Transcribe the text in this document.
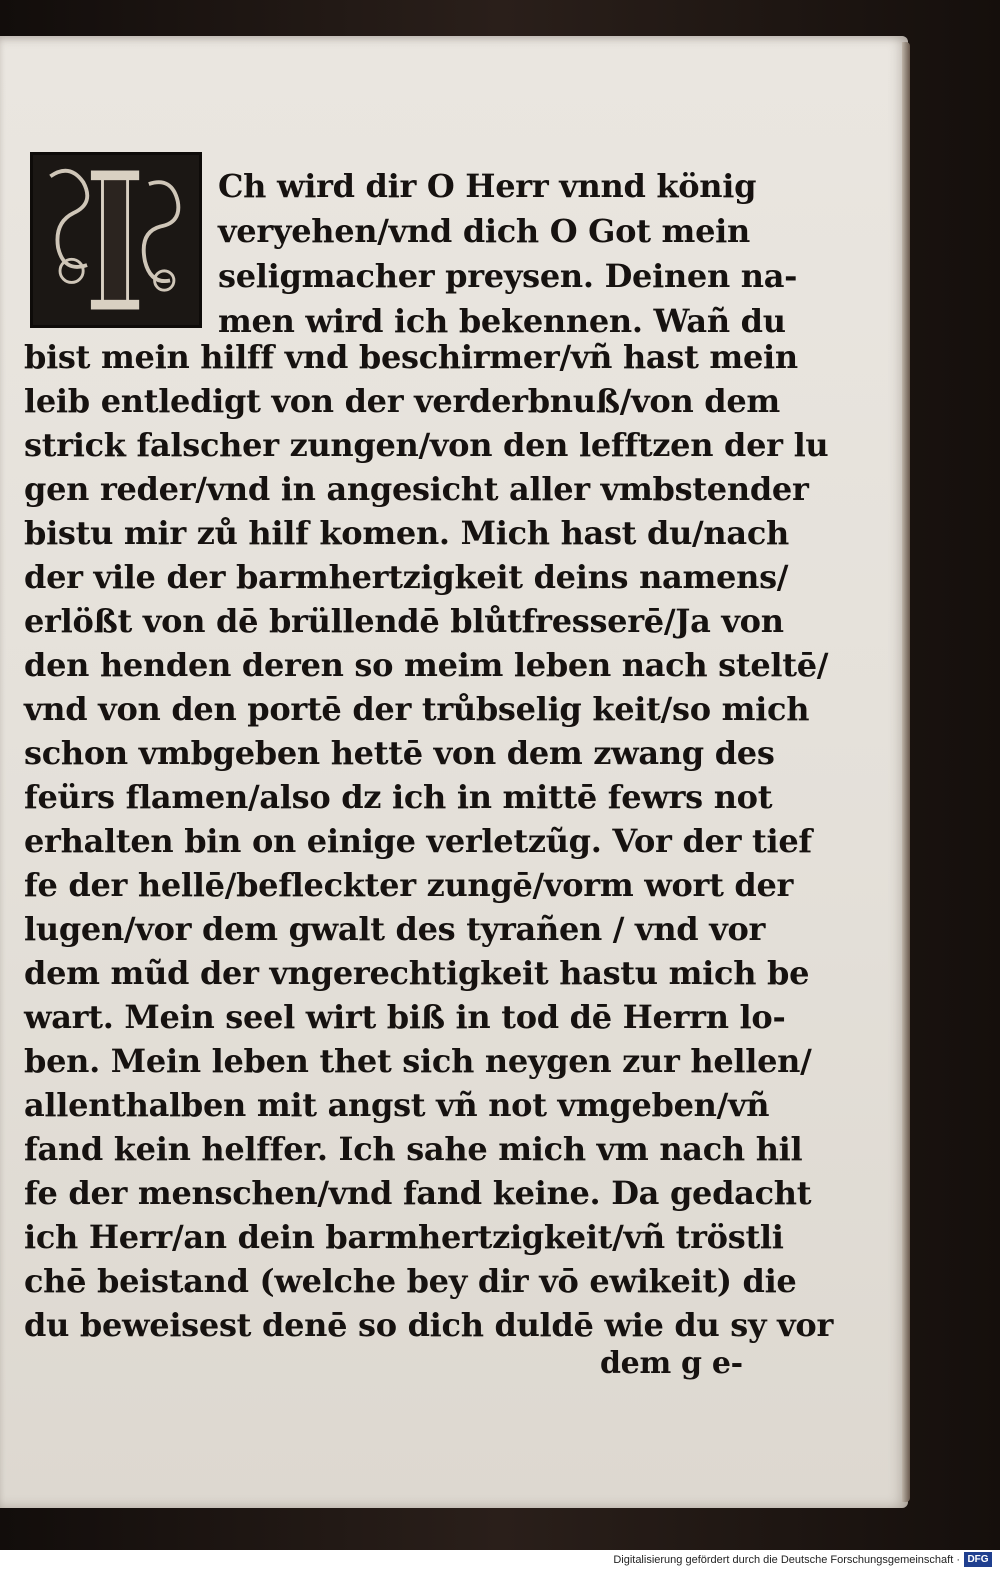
Ch wird dir O Herr vnnd könig
veryehen/vnd dich O Got mein
seligmacher preysen. Deinen na-
men wird ich bekennen. Wañ du
bist mein hilff vnd beschirmer/vñ hast mein
leib entledigt von der verderbnuß/von dem
strick falscher zungen/von den lefftzen der lu
gen reder/vnd in angesicht aller vmbstender
bistu mir zů hilf komen. Mich hast du/nach
der vile der barmhertzigkeit deins namens/
erlößt von dē brüllendē blůtfresserē/Ja von
den henden deren so meim leben nach steltē/
vnd von den portē der trůbselig keit/so mich
schon vmbgeben hettē von dem zwang des
feürs flamen/also dz ich in mittē fewrs not
erhalten bin on einige verletzũg. Vor der tief
fe der hellē/befleckter zungē/vorm wort der
lugen/vor dem gwalt des tyrañen / vnd vor
dem mũd der vngerechtigkeit hastu mich be
wart. Mein seel wirt biß in tod dē Herrn lo-
ben. Mein leben thet sich neygen zur hellen/
allenthalben mit angst vñ not vmgeben/vñ
fand kein helffer. Ich sahe mich vm nach hil
fe der menschen/vnd fand keine. Da gedacht
ich Herr/an dein barmhertzigkeit/vñ tröstli
chē beistand (welche bey dir vō ewikeit) die
du beweisest denē so dich duldē wie du sy vor
dem g e-
Digitalisierung gefördert durch die Deutsche Forschungsgemeinschaft · DFG
